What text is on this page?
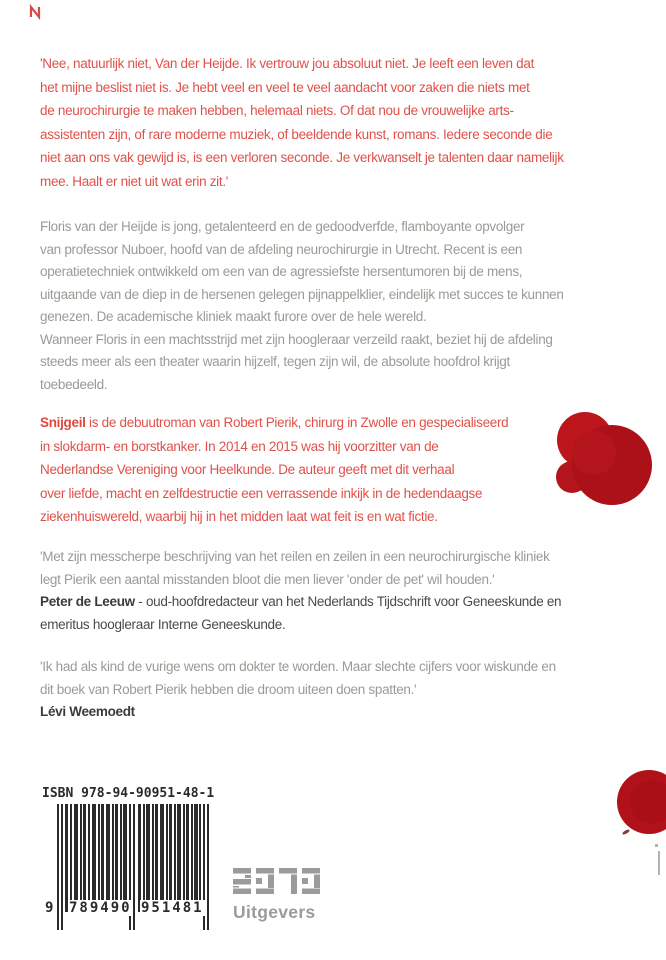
'Nee, natuurlijk niet, Van der Heijde. Ik vertrouw jou absoluut niet. Je leeft een leven dat
het mijne beslist niet is. Je hebt veel en veel te veel aandacht voor zaken die niets met
de neurochirurgie te maken hebben, helemaal niets. Of dat nou de vrouwelijke arts-
assistenten zijn, of rare moderne muziek, of beeldende kunst, romans. Iedere seconde die
niet aan ons vak gewijd is, is een verloren seconde. Je verkwanselt je talenten daar namelijk
mee. Haalt er niet uit wat erin zit.'
Floris van der Heijde is jong, getalenteerd en de gedoodverfde, flamboyante opvolger
van professor Nuboer, hoofd van de afdeling neurochirurgie in Utrecht. Recent is een
operatietechniek ontwikkeld om een van de agressiefste hersentumoren bij de mens,
uitgaande van de diep in de hersenen gelegen pijnappelklier, eindelijk met succes te kunnen
genezen. De academische kliniek maakt furore over de hele wereld.
Wanneer Floris in een machtsstrijd met zijn hoogleraar verzeild raakt, beziet hij de afdeling
steeds meer als een theater waarin hijzelf, tegen zijn wil, de absolute hoofdrol krijgt
toebedeeld.
Snijgeil is de debuutroman van Robert Pierik, chirurg in Zwolle en gespecialiseerd
in slokdarm- en borstkanker. In 2014 en 2015 was hij voorzitter van de
Nederlandse Vereniging voor Heelkunde. De auteur geeft met dit verhaal
over liefde, macht en zelfdestructie een verrassende inkijk in de hedendaagse
ziekenhuiswereld, waarbij hij in het midden laat wat feit is en wat fictie.
'Met zijn messcherpe beschrijving van het reilen en zeilen in een neurochirurgische kliniek
legt Pierik een aantal misstanden bloot die men liever 'onder de pet' wil houden.'
Peter de Leeuw - oud-hoofdredacteur van het Nederlands Tijdschrift voor Geneeskunde en
emeritus hoogleraar Interne Geneeskunde.
'Ik had als kind de vurige wens om dokter te worden. Maar slechte cijfers voor wiskunde en
dit boek van Robert Pierik hebben die droom uiteen doen spatten.'
Lévi Weemoedt
ISBN 978-94-90951-48-1
9 789490 951481 Uitgevers
